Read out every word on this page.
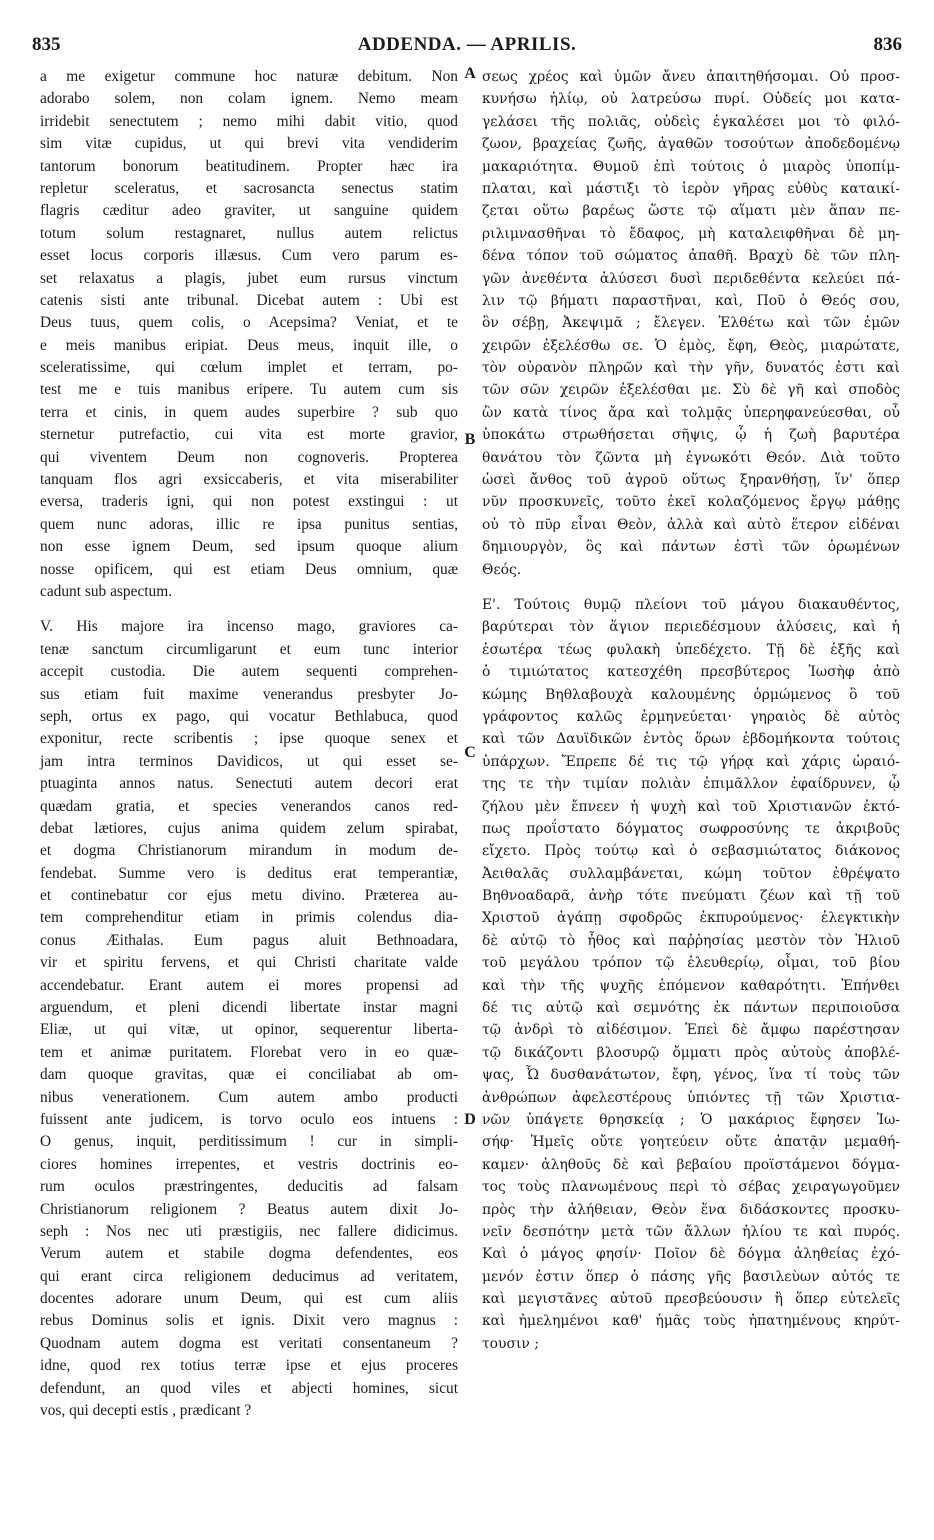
835	ADDENDA. — APRILIS.	836
A
B
C
D
a me exigetur commune hoc naturæ debitum. Non
adorabo solem, non colam ignem. Nemo meam
irridebit senectutem ; nemo mihi dabit vitio, quod
sim vitæ cupidus, ut qui brevi vita vendiderim
tantorum bonorum beatitudinem. Propter hæc ira
repletur sceleratus, et sacrosancta senectus statim
flagris cæditur adeo graviter, ut sanguine quidem
totum solum restagnaret, nullus autem relictus
esset locus corporis illæsus. Cum vero parum es-
set relaxatus a plagis, jubet eum rursus vinctum
catenis sisti ante tribunal. Dicebat autem : Ubi est
Deus tuus, quem colis, o Acepsima? Veniat, et te
e meis manibus eripiat. Deus meus, inquit ille, o
sceleratissime, qui cœlum implet et terram, po-
test me e tuis manibus eripere. Tu autem cum sis
terra et cinis, in quem audes superbire ? sub quo
sternetur putrefactio, cui vita est morte gravior,
qui viventem Deum non cognoveris. Propterea
tanquam flos agri exsiccaberis, et vita miserabiliter
eversa, traderis igni, qui non potest exstingui : ut
quem nunc adoras, illic re ipsa punitus sentias,
non esse ignem Deum, sed ipsum quoque alium
nosse opificem, qui est etiam Deus omnium, quæ
cadunt sub aspectum.
V. His majore ira incenso mago, graviores ca-
tenæ sanctum circumligarunt et eum tunc interior
accepit custodia. Die autem sequenti comprehen-
sus etiam fuit maxime venerandus presbyter Jo-
seph, ortus ex pago, qui vocatur Bethlabuca, quod
exponitur, recte scribentis ; ipse quoque senex et
jam intra terminos Davidicos, ut qui esset se-
ptuaginta annos natus. Senectuti autem decori erat
quædam gratia, et species venerandos canos red-
debat lætiores, cujus anima quidem zelum spirabat,
et dogma Christianorum mirandum in modum de-
fendebat. Summe vero is deditus erat temperantiæ,
et continebatur cor ejus metu divino. Præterea au-
tem comprehenditur etiam in primis colendus dia-
conus Æithalas. Eum pagus aluit Bethnoadara,
vir et spiritu fervens, et qui Christi charitate valde
accendebatur. Erant autem ei mores propensi ad
arguendum, et pleni dicendi libertate instar magni
Eliæ, ut qui vitæ, ut opinor, sequerentur liberta-
tem et animæ puritatem. Florebat vero in eo quæ-
dam quoque gravitas, quæ ei conciliabat ab om-
nibus venerationem. Cum autem ambo producti
fuissent ante judicem, is torvo oculo eos intuens :
O genus, inquit, perditissimum ! cur in simpli-
ciores homines irrepentes, et vestris doctrinis eo-
rum oculos præstringentes, deducitis ad falsam
Christianorum religionem ? Beatus autem dixit Jo-
seph : Nos nec uti præstigiis, nec fallere didicimus.
Verum autem et stabile dogma defendentes, eos
qui erant circa religionem deducimus ad veritatem,
docentes adorare unum Deum, qui est cum aliis
rebus Dominus solis et ignis. Dixit vero magnus :
Quodnam autem dogma est veritati consentaneum ?
idne, quod rex totius terræ ipse et ejus proceres
defendunt, an quod viles et abjecti homines, sicut
vos, qui decepti estis , prædicant ?
σεως χρέος καὶ ὑμῶν ἄνευ ἀπαιτηθήσομαι. Οὐ προσ-
κυνήσω ἡλίῳ, οὐ λατρεύσω πυρί. Οὐδείς μοι κατα-
γελάσει τῆς πολιᾶς, οὐδεὶς ἐγκαλέσει μοι τὸ φιλό-
ζωον, βραχείας ζωῆς, ἀγαθῶν τοσούτων ἀποδεδομένῳ
μακαριότητα. Θυμοῦ ἐπὶ τούτοις ὁ μιαρὸς ὑποπίμ-
πλαται, καὶ μάστιξι τὸ ἱερὸν γῆρας εὐθὺς καταικί-
ζεται οὕτω βαρέως ὥστε τῷ αἵματι μὲν ἅπαν πε-
ριλιμνασθῆναι τὸ ἔδαφος, μὴ καταλειφθῆναι δὲ μη-
δένα τόπον τοῦ σώματος ἀπαθῆ. Βραχὺ δὲ τῶν πλη-
γῶν ἀνεθέντα ἁλύσεσι δυσὶ περιδεθέντα κελεύει πά-
λιν τῷ βήματι παραστῆναι, καὶ, Ποῦ ὁ Θεός σου,
ὃν σέβῃ, Ἀκεψιμᾶ ; ἔλεγεν. Ἐλθέτω καὶ τῶν ἐμῶν
χειρῶν ἐξελέσθω σε. Ὁ ἐμὸς, ἔφη, Θεὸς, μιαρώτατε,
τὸν οὐρανὸν πληρῶν καὶ τὴν γῆν, δυνατός ἐστι καὶ
τῶν σῶν χειρῶν ἐξελέσθαι με. Σὺ δὲ γῆ καὶ σποδὸς
ὢν κατὰ τίνος ἄρα καὶ τολμᾷς ὑπερηφανεύεσθαι, οὗ
ὑποκάτω στρωθήσεται σῆψις, ᾧ ἡ ζωὴ βαρυτέρα
θανάτου τὸν ζῶντα μὴ ἐγνωκότι Θεόν. Διὰ τοῦτο
ὡσεὶ ἄνθος τοῦ ἀγροῦ οὕτως ξηρανθήσῃ, ἵν' ὅπερ
νῦν προσκυνεῖς, τοῦτο ἐκεῖ κολαζόμενος ἔργῳ μάθῃς
οὐ τὸ πῦρ εἶναι Θεὸν, ἀλλὰ καὶ αὐτὸ ἕτερον εἰδέναι
δημιουργὸν, ὃς καὶ πάντων ἐστὶ τῶν ὁρωμένων
Θεός.
Ε'. Τούτοις θυμῷ πλείονι τοῦ μάγου διακαυθέντος,
βαρύτεραι τὸν ἅγιον περιεδέσμουν ἁλύσεις, καὶ ἡ
ἐσωτέρα τέως φυλακὴ ὑπεδέχετο. Τῇ δὲ ἑξῆς καὶ
ὁ τιμιώτατος κατεσχέθη πρεσβύτερος Ἰωσὴφ ἀπὸ
κώμης Βηθλαβουχὰ καλουμένης ὁρμώμενος ὃ τοῦ
γράφοντος καλῶς ἑρμηνεύεται· γηραιὸς δὲ αὐτὸς
καὶ τῶν Δαυϊδικῶν ἐντὸς ὅρων ἑβδομήκοντα τούτοις
ὑπάρχων. Ἔπρεπε δέ τις τῷ γήρᾳ καὶ χάρις ὡραιό-
της τε τὴν τιμίαν πολιὰν ἐπιμᾶλλον ἐφαίδρυνεν, ᾧ
ζήλου μὲν ἔπνεεν ἡ ψυχὴ καὶ τοῦ Χριστιανῶν ἐκτό-
πως προΐστατο δόγματος σωφροσύνης τε ἀκριβοῦς
εἴχετο. Πρὸς τούτῳ καὶ ὁ σεβασμιώτατος διάκονος
Ἀειθαλᾶς συλλαμβάνεται, κώμη τοῦτον ἐθρέψατο
Βηθνοαδαρᾶ, ἀνὴρ τότε πνεύματι ζέων καὶ τῇ τοῦ
Χριστοῦ ἀγάπῃ σφοδρῶς ἐκπυρούμενος· ἐλεγκτικὴν
δὲ αὐτῷ τὸ ἦθος καὶ παῤῥησίας μεστὸν τὸν Ἠλιοῦ
τοῦ μεγάλου τρόπον τῷ ἐλευθερίῳ, οἶμαι, τοῦ βίου
καὶ τὴν τῆς ψυχῆς ἑπόμενον καθαρότητι. Ἐπήνθει
δέ τις αὐτῷ καὶ σεμνότης ἐκ πάντων περιποιοῦσα
τῷ ἀνδρὶ τὸ αἰδέσιμον. Ἐπεὶ δὲ ἄμφω παρέστησαν
τῷ δικάζοντι βλοσυρῷ ὄμματι πρὸς αὐτοὺς ἀποβλέ-
ψας, Ὦ δυσθανάτωτον, ἔφη, γένος, ἵνα τί τοὺς τῶν
ἀνθρώπων ἀφελεστέρους ὑπιόντες τῇ τῶν Χριστια-
νῶν ὑπάγετε θρησκείᾳ ; Ὁ μακάριος ἔφησεν Ἰω-
σήφ· Ἡμεῖς οὔτε γοητεύειν οὔτε ἀπατᾷν μεμαθή-
καμεν· ἀληθοῦς δὲ καὶ βεβαίου προϊστάμενοι δόγμα-
τος τοὺς πλανωμένους περὶ τὸ σέβας χειραγωγοῦμεν
πρὸς τὴν ἀλήθειαν, Θεὸν ἕνα διδάσκοντες προσκυ-
νεῖν δεσπότην μετὰ τῶν ἄλλων ἡλίου τε καὶ πυρός.
Καὶ ὁ μάγος φησίν· Ποῖον δὲ δόγμα ἀληθείας ἐχό-
μενόν ἐστιν ὅπερ ὁ πάσης γῆς βασιλεὺων αὐτός τε
καὶ μεγιστᾶνες αὐτοῦ πρεσβεύουσιν ἢ ὅπερ εὐτελεῖς
καὶ ἠμελημένοι καθ' ἡμᾶς τοὺς ἠπατημένους κηρύτ-
τουσιν ;
